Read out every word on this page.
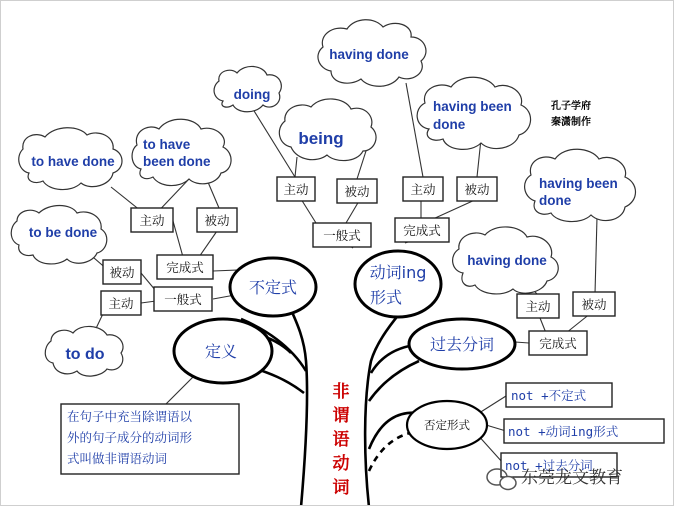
不定式
动词ing
形式
过去分词
定义
否定形式
非
谓
语
动
词
having done
doing
being
having been
done
to have done
to have
been done
to be done
to do
having been
done
having done
主动	被动
完成式
被动
主动 一般式
主动	被动
一般式
主动 被动
完成式
主动 被动
完成式
在句子中充当除谓语以
外的句子成分的动词形
式叫做非谓语动词
not +不定式
not +动词ing形式
not +过去分词
孔子学府
秦潇制作
东莞龙文教育
